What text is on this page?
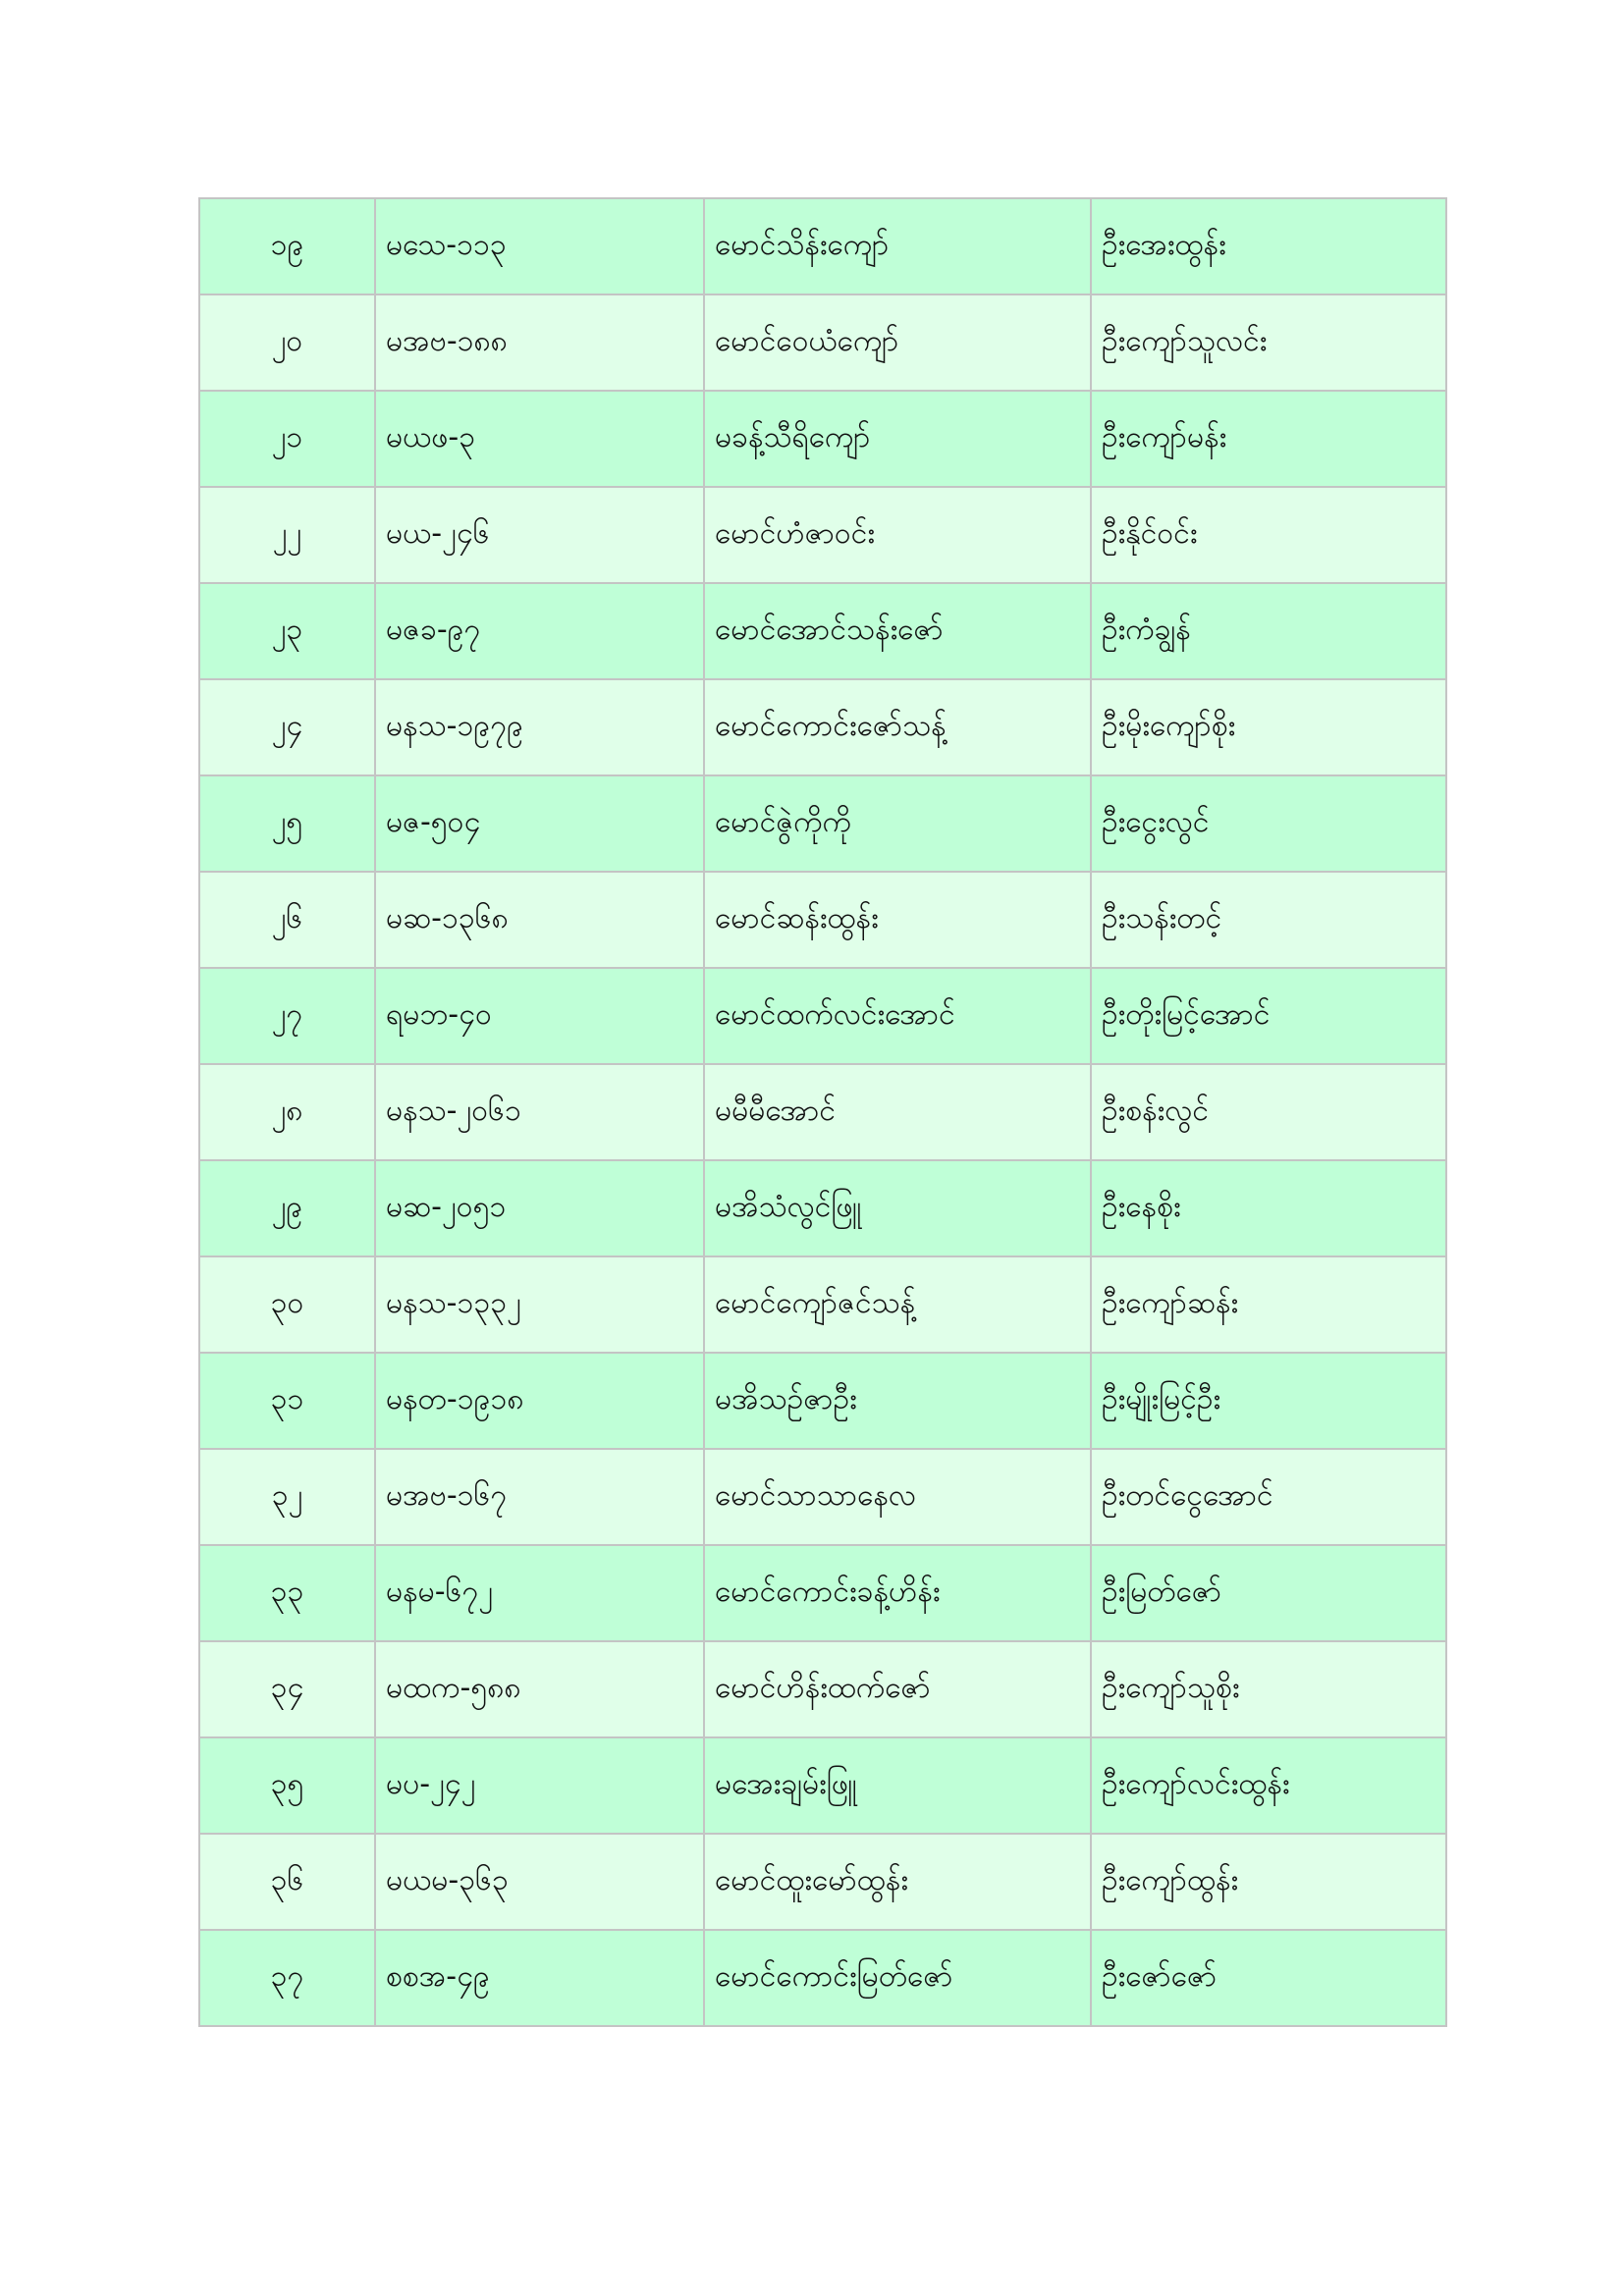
၁၉	မသေ-၁၁၃	မောင်သိန်းကျော်	ဦးအေးထွန်း
၂၀	မအဗ-၁၈၈	မောင်ဝေယံကျော်	ဦးကျော်သူလင်း
၂၁	မယဖ-၃	မခန့်သီရိကျော်	ဦးကျော်မန်း
၂၂	မယ-၂၄၆	မောင်ဟံဇာဝင်း	ဦးနိုင်ဝင်း
၂၃	မဇခ-၉၇	မောင်အောင်သန်းဇော်	ဦးကံချွန်
၂၄	မနသ-၁၉၇၉	မောင်ကောင်းဇော်သန့်	ဦးမိုးကျော်စိုး
၂၅	မဇ-၅၀၄	မောင်ဇွဲကိုကို	ဦးငွေးလွင်
၂၆	မဆ-၁၃၆၈	မောင်ဆန်းထွန်း	ဦးသန်းတင့်
၂၇	ရမဘ-၄၀	မောင်ထက်လင်းအောင်	ဦးတိုးမြင့်အောင်
၂၈	မနသ-၂၀၆၁	မမီမီအောင်	ဦးစန်းလွင်
၂၉	မဆ-၂၀၅၁	မအိသံလွင်ဖြူ	ဦးနေစိုး
၃၀	မနသ-၁၃၃၂	မောင်ကျော်ဇင်သန့်	ဦးကျော်ဆန်း
၃၁	မနတ-၁၉၁၈	မအိသဥ်ဇာဦး	ဦးမျိုးမြင့်ဦး
၃၂	မအဗ-၁၆၇	မောင်သာသာနေလ	ဦးတင်ငွေအောင်
၃၃	မနမ-၆၇၂	မောင်ကောင်းခန့်ဟိန်း	ဦးမြတ်ဇော်
၃၄	မထက-၅၈၈	မောင်ဟိန်းထက်ဇော်	ဦးကျော်သူစိုး
၃၅	မပ-၂၄၂	မအေးချမ်းဖြူ	ဦးကျော်လင်းထွန်း
၃၆	မယမ-၃၆၃	မောင်ထူးမော်ထွန်း	ဦးကျော်ထွန်း
၃၇	စစအ-၄၉	မောင်ကောင်းမြတ်ဇော်	ဦးဇော်ဇော်
